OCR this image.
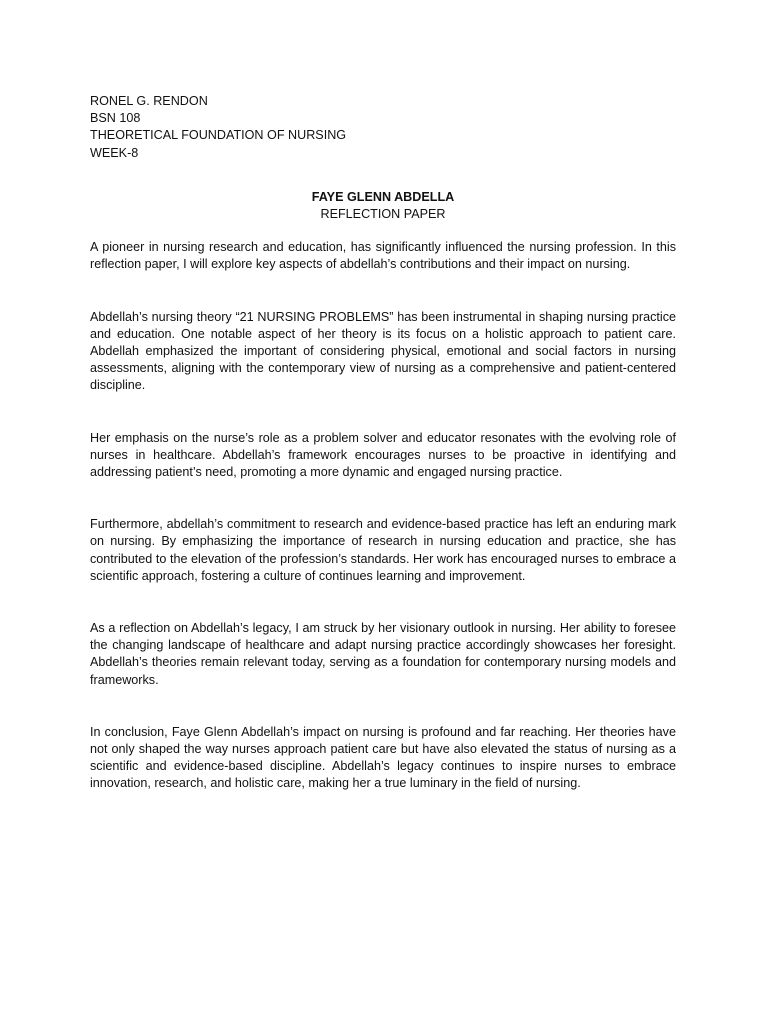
RONEL G. RENDON
BSN 108
THEORETICAL FOUNDATION OF NURSING
WEEK-8
FAYE GLENN ABDELLA
REFLECTION PAPER

A pioneer in nursing research and education, has significantly influenced the nursing profession. In this reflection paper, I will explore key aspects of abdellah’s contributions and their impact on nursing.

Abdellah’s nursing theory “21 NURSING PROBLEMS” has been instrumental in shaping nursing practice and education. One notable aspect of her theory is its focus on a holistic approach to patient care. Abdellah emphasized the important of considering physical, emotional and social factors in nursing assessments, aligning with the contemporary view of nursing as a comprehensive and patient-centered discipline.

Her emphasis on the nurse’s role as a problem solver and educator resonates with the evolving role of nurses in healthcare. Abdellah’s framework encourages nurses to be proactive in identifying and addressing patient’s need, promoting a more dynamic and engaged nursing practice.

Furthermore, abdellah’s commitment to research and evidence-based practice has left an enduring mark on nursing. By emphasizing the importance of research in nursing education and practice, she has contributed to the elevation of the profession’s standards. Her work has encouraged nurses to embrace a scientific approach, fostering a culture of continues learning and improvement.

As a reflection on Abdellah’s legacy, I am struck by her visionary outlook in nursing. Her ability to foresee the changing landscape of healthcare and adapt nursing practice accordingly showcases her foresight. Abdellah’s theories remain relevant today, serving as a foundation for contemporary nursing models and frameworks.

In conclusion, Faye Glenn Abdellah’s impact on nursing is profound and far reaching. Her theories have not only shaped the way nurses approach patient care but have also elevated the status of nursing as a scientific and evidence-based discipline. Abdellah’s legacy continues to inspire nurses to embrace innovation, research, and holistic care, making her a true luminary in the field of nursing.
